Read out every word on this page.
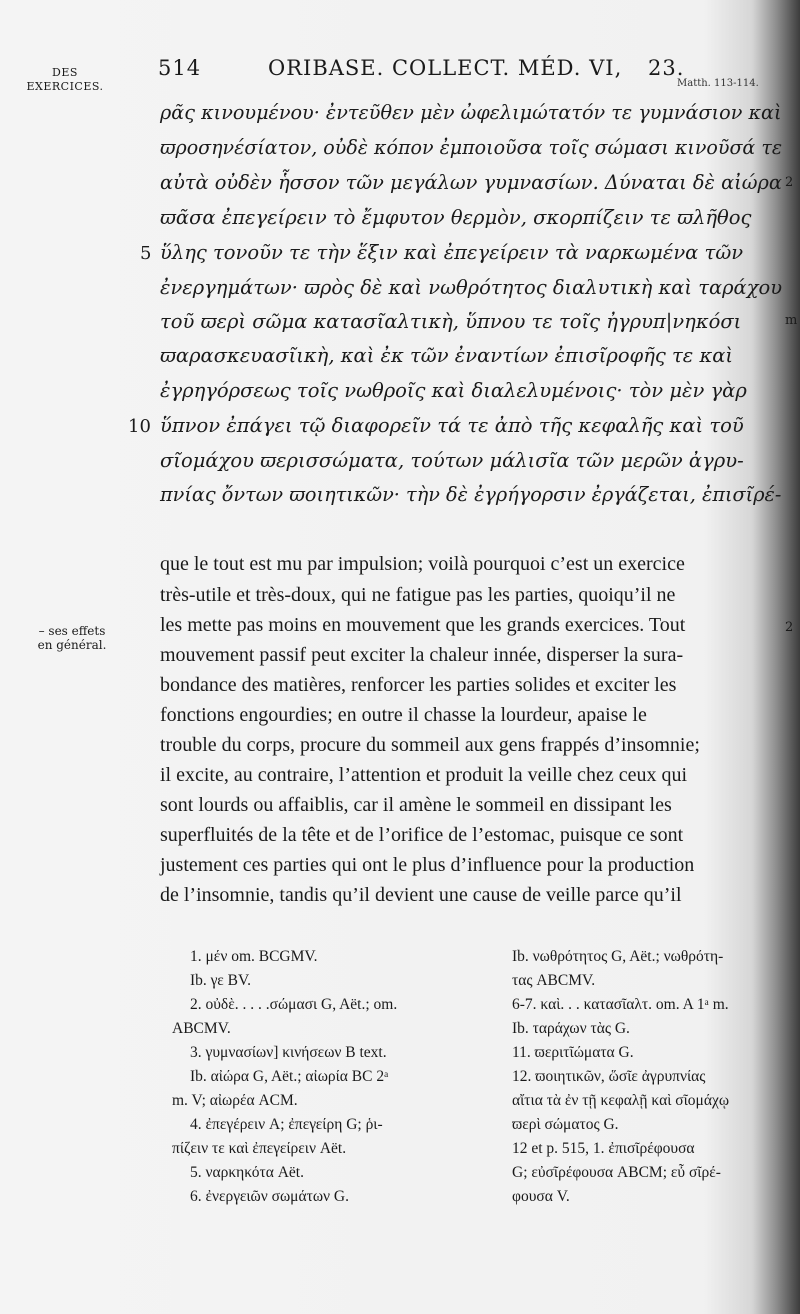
DES
EXERCICES.
– ses effets
en général.
514	ORIBASE. COLLECT. MÉD. VI, 23.
Matth. 113-114.
ρᾶς κινουμένου· ἐντεῦθεν μὲν ὠφελιμώτατόν τε γυμνάσιον καὶ
ϖροσηνέσίατον, οὐδὲ κόπον ἐμποιοῦσα τοῖς σώμασι κινοῦσά τε
αὐτὰ οὐδὲν ἧσσον τῶν μεγάλων γυμνασίων. Δύναται δὲ αἰώρα
ϖᾶσα ἐπεγείρειν τὸ ἔμφυτον θερμὸν, σκορπίζειν τε ϖλῆθος
ὕλης τονοῦν τε τὴν ἕξιν καὶ ἐπεγείρειν τὰ ναρκωμένα τῶν
ἐνεργημάτων· ϖρὸς δὲ καὶ νωθρότητος διαλυτικὴ καὶ ταράχου
τοῦ ϖερὶ σῶμα κατασῖαλτικὴ, ὕπνου τε τοῖς ἠγρυπ|νηκόσι
ϖαρασκευασῖικὴ, καὶ ἐκ τῶν ἐναντίων ἐπισῖροφῆς τε καὶ
ἐγρηγόρσεως τοῖς νωθροῖς καὶ διαλελυμένοις· τὸν μὲν γὰρ
ὕπνον ἐπάγει τῷ διαφορεῖν τά τε ἀπὸ τῆς κεφαλῆς καὶ τοῦ
σῖομάχου ϖερισσώματα, τούτων μάλισῖα τῶν μερῶν ἀγρυ-
πνίας ὄντων ϖοιητικῶν· τὴν δὲ ἐγρήγορσιν ἐργάζεται, ἐπισῖρέ-
5
10
2
m
que le tout est mu par impulsion; voilà pourquoi c’est un exercice
très-utile et très-doux, qui ne fatigue pas les parties, quoiqu’il ne
les mette pas moins en mouvement que les grands exercices. Tout
mouvement passif peut exciter la chaleur innée, disperser la sura-
bondance des matières, renforcer les parties solides et exciter les
fonctions engourdies; en outre il chasse la lourdeur, apaise le
trouble du corps, procure du sommeil aux gens frappés d’insomnie;
il excite, au contraire, l’attention et produit la veille chez ceux qui
sont lourds ou affaiblis, car il amène le sommeil en dissipant les
superfluités de la tête et de l’orifice de l’estomac, puisque ce sont
justement ces parties qui ont le plus d’influence pour la production
de l’insomnie, tandis qu’il devient une cause de veille parce qu’il
2
1. μέν om. BCGMV.
Ib. γε BV.
2. οὐδὲ. . . . .σώμασι G, Aët.; om.
ABCMV.
3. γυμνασίων] κινήσεων B text.
Ib. αἰώρα G, Aët.; αἰωρία BC 2ᵃ
m. V; αἰωρέα ACM.
4. ἐπεγέρειν A; ἐπεγείρη G; ῥι-
πίζειν τε καὶ ἐπεγείρειν Aët.
5. ναρκηκότα Aët.
6. ἐνεργειῶν σωμάτων G.
Ib. νωθρότητος G, Aët.; νωθρότη-
τας ABCMV.
6-7. καὶ. . . κατασῖαλτ. om. A 1ᵃ m.
Ib. ταράχων τὰς G.
11. ϖεριτῖώματα G.
12. ϖοιητικῶν, ὥσῖε ἀγρυπνίας
αἴτια τὰ ἐν τῇ κεφαλῇ καὶ σῖομάχῳ
ϖερὶ σώματος G.
12 et p. 515, 1. ἐπισῖρέφουσα
G; εὐσῖρέφουσα ABCM; εὖ σῖρέ-
φουσα V.
